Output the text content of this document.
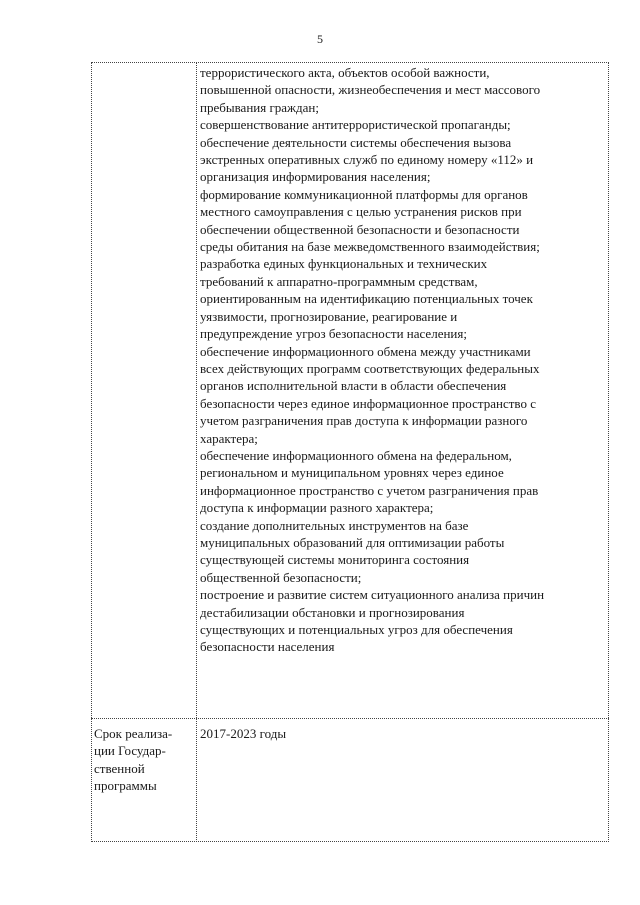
5
террористического акта, объектов особой важности,
повышенной опасности, жизнеобеспечения и мест массового
пребывания граждан;
совершенствование антитеррористической пропаганды;
обеспечение деятельности системы обеспечения вызова
экстренных оперативных служб по единому номеру «112» и
организация информирования населения;
формирование коммуникационной платформы для органов
местного самоуправления с целью устранения рисков при
обеспечении общественной безопасности и безопасности
среды обитания на базе межведомственного взаимодействия;
разработка единых функциональных и технических
требований к аппаратно-программным средствам,
ориентированным на идентификацию потенциальных точек
уязвимости, прогнозирование, реагирование и
предупреждение угроз безопасности населения;
обеспечение информационного обмена между участниками
всех действующих программ соответствующих федеральных
органов исполнительной власти в области обеспечения
безопасности через единое информационное пространство с
учетом разграничения прав доступа к информации разного
характера;
обеспечение информационного обмена на федеральном,
региональном и муниципальном уровнях через единое
информационное пространство с учетом разграничения прав
доступа к информации разного характера;
создание дополнительных инструментов на базе
муниципальных образований для оптимизации работы
существующей системы мониторинга состояния
общественной безопасности;
построение и развитие систем ситуационного анализа причин
дестабилизации обстановки и прогнозирования
существующих и потенциальных угроз для обеспечения
безопасности населения
Срок реализа-
ции Государ-
ственной
программы
2017-2023 годы
